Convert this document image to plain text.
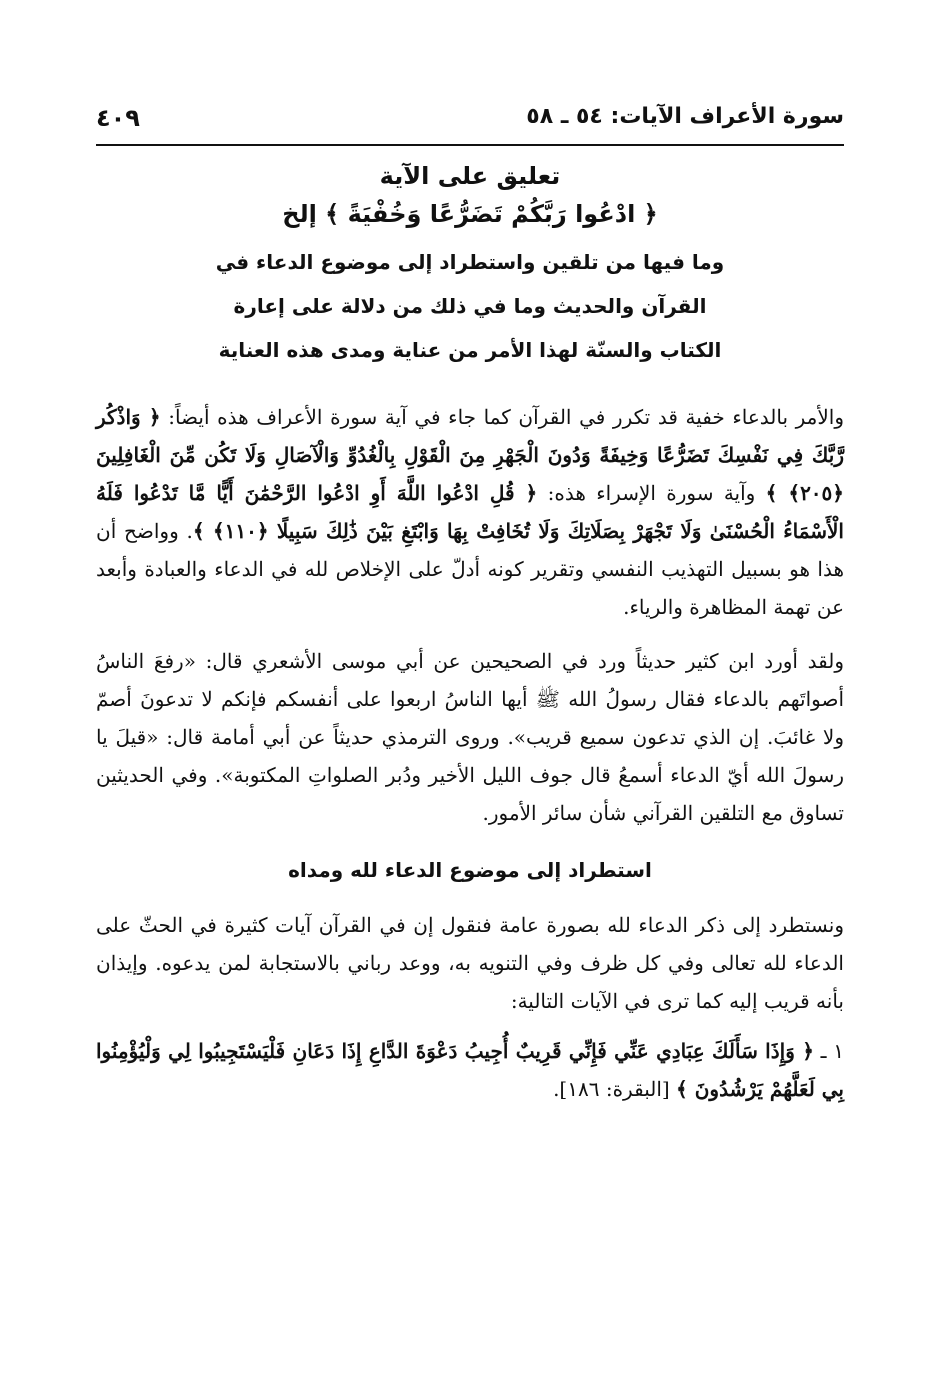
سورة الأعراف الآيات: ٥٤ ـ ٥٨
٤٠٩
تعليق على الآية
﴿ ادْعُوا رَبَّكُمْ تَضَرُّعًا وَخُفْيَةً ﴾ إلخ
وما فيها من تلقين واستطراد إلى موضوع الدعاء في
القرآن والحديث وما في ذلك من دلالة على إعارة
الكتاب والسنّة لهذا الأمر من عناية ومدى هذه العناية

والأمر بالدعاء خفية قد تكرر في القرآن كما جاء في آية سورة الأعراف هذه أيضاً: ﴿ وَاذْكُر رَّبَّكَ فِي نَفْسِكَ تَضَرُّعًا وَخِيفَةً وَدُونَ الْجَهْرِ مِنَ الْقَوْلِ بِالْغُدُوِّ وَالْآصَالِ وَلَا تَكُن مِّنَ الْغَافِلِينَ ﴿٢٠٥﴾ ﴾ وآية سورة الإسراء هذه: ﴿ قُلِ ادْعُوا اللَّهَ أَوِ ادْعُوا الرَّحْمَٰنَ أَيًّا مَّا تَدْعُوا فَلَهُ الْأَسْمَاءُ الْحُسْنَىٰ وَلَا تَجْهَرْ بِصَلَاتِكَ وَلَا تُخَافِتْ بِهَا وَابْتَغِ بَيْنَ ذَٰلِكَ سَبِيلًا ﴿١١٠﴾ ﴾. وواضح أن هذا هو بسبيل التهذيب النفسي وتقرير كونه أدلّ على الإخلاص لله في الدعاء والعبادة وأبعد عن تهمة المظاهرة والرياء.

ولقد أورد ابن كثير حديثاً ورد في الصحيحين عن أبي موسى الأشعري قال: «رفعَ الناسُ أصواتَهم بالدعاء فقال رسولُ الله ﷺ أيها الناسُ اربعوا على أنفسكم فإنكم لا تدعونَ أصمّ ولا غائبَ. إن الذي تدعون سميع قريب». وروى الترمذي حديثاً عن أبي أمامة قال: «قيلَ يا رسولَ الله أيّ الدعاء أسمعُ قال جوف الليل الأخير ودُبر الصلواتِ المكتوبة». وفي الحديثين تساوق مع التلقين القرآني شأن سائر الأمور.

استطراد إلى موضوع الدعاء لله ومداه

ونستطرد إلى ذكر الدعاء لله بصورة عامة فنقول إن في القرآن آيات كثيرة في الحثّ على الدعاء لله تعالى وفي كل ظرف وفي التنويه به، ووعد رباني بالاستجابة لمن يدعوه. وإيذان بأنه قريب إليه كما ترى في الآيات التالية:

١ ـ ﴿ وَإِذَا سَأَلَكَ عِبَادِي عَنِّي فَإِنِّي قَرِيبٌ أُجِيبُ دَعْوَةَ الدَّاعِ إِذَا دَعَانِ فَلْيَسْتَجِيبُوا لِي وَلْيُؤْمِنُوا بِي لَعَلَّهُمْ يَرْشُدُونَ ﴾ [البقرة: ١٨٦].
